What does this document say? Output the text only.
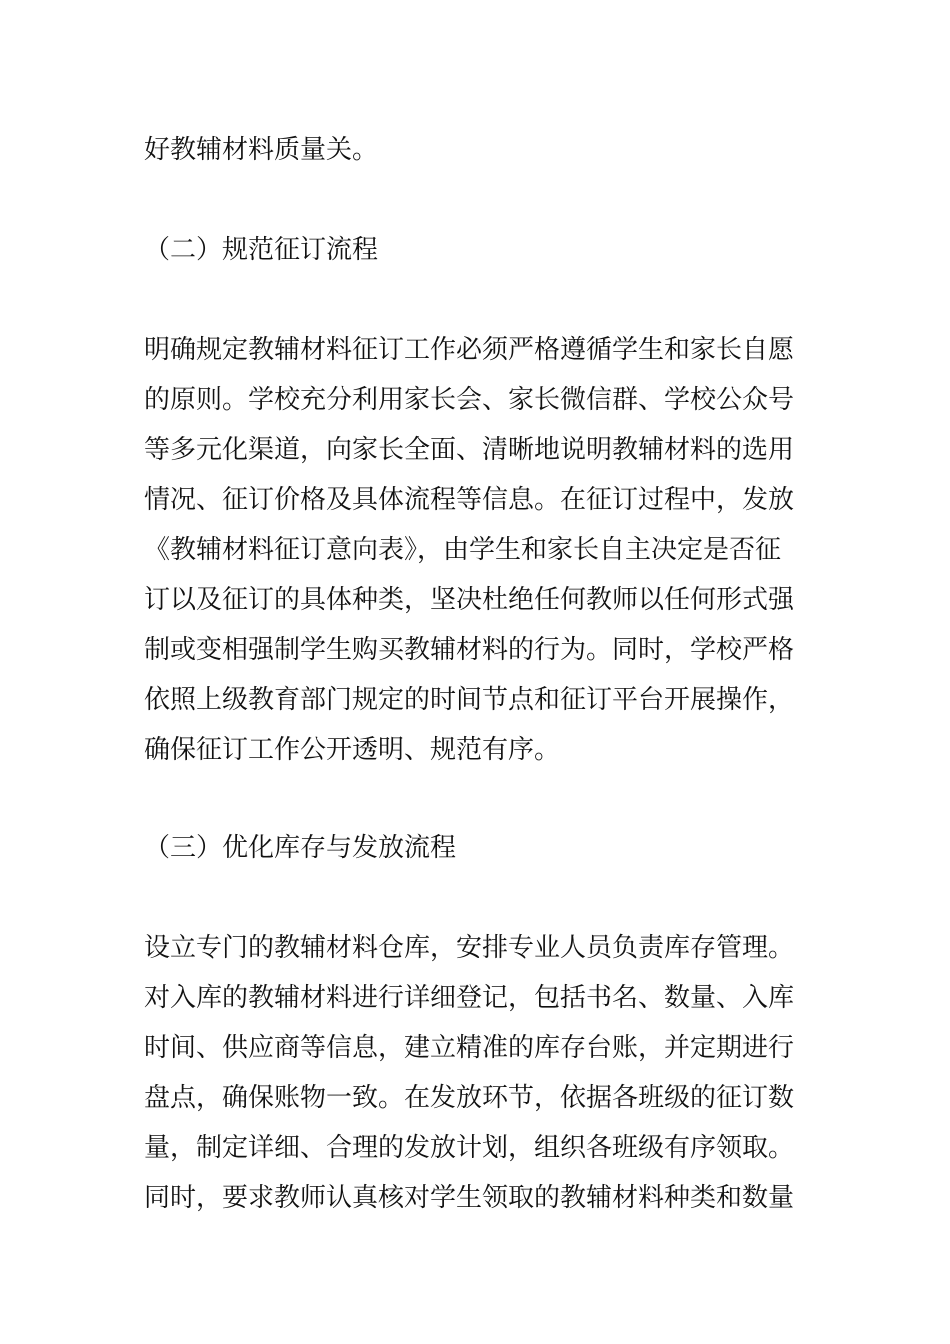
好教辅材料质量关。
（二）规范征订流程
明确规定教辅材料征订工作必须严格遵循学生和家长自愿
的原则。学校充分利用家长会、家长微信群、学校公众号
等多元化渠道，向家长全面、清晰地说明教辅材料的选用
情况、征订价格及具体流程等信息。在征订过程中，发放
《教辅材料征订意向表》，由学生和家长自主决定是否征
订以及征订的具体种类，坚决杜绝任何教师以任何形式强
制或变相强制学生购买教辅材料的行为。同时，学校严格
依照上级教育部门规定的时间节点和征订平台开展操作，
确保征订工作公开透明、规范有序。
（三）优化库存与发放流程
设立专门的教辅材料仓库，安排专业人员负责库存管理。
对入库的教辅材料进行详细登记，包括书名、数量、入库
时间、供应商等信息，建立精准的库存台账，并定期进行
盘点，确保账物一致。在发放环节，依据各班级的征订数
量，制定详细、合理的发放计划，组织各班级有序领取。
同时，要求教师认真核对学生领取的教辅材料种类和数量
